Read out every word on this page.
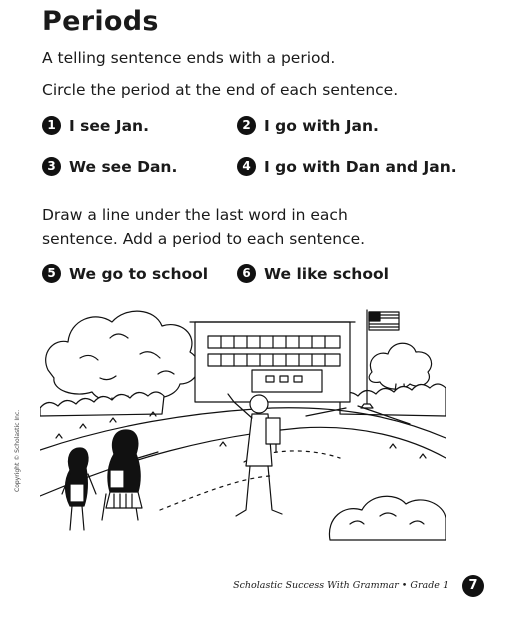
Periods
A telling sentence ends with a period.
Circle the period at the end of each sentence.
1 I see Jan.	2 I go with Jan.
3 We see Dan.	4 I go with Dan and Jan.
Draw a line under the last word in each sentence. Add a period to each sentence.
5 We go to school	6 We like school
Copyright © Scholastic Inc.
Scholastic Success With Grammar • Grade 1	7
